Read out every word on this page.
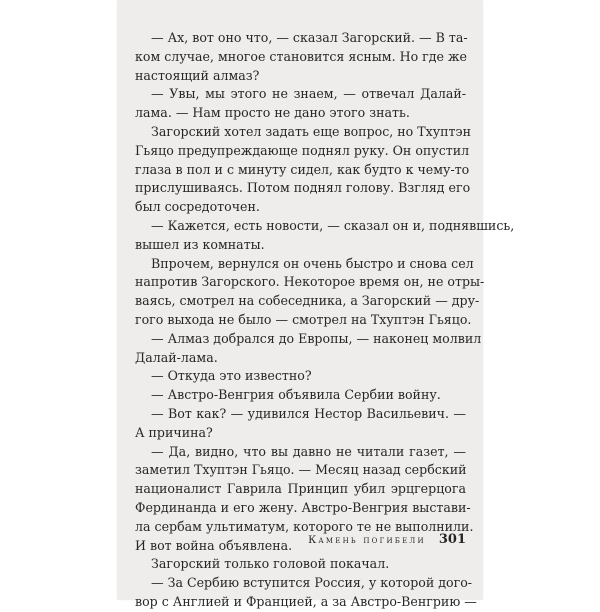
— Ах, вот оно что, — сказал Загорский. — В та-
ком случае, многое становится ясным. Но где же
настоящий алмаз?
— Увы, мы этого не знаем, — отвечал Далай-
лама. — Нам просто не дано этого знать.
Загорский хотел задать еще вопрос, но Тхуптэн
Гьяцо предупреждающе поднял руку. Он опустил
глаза в пол и с минуту сидел, как будто к чему-то
прислушиваясь. Потом поднял голову. Взгляд его
был сосредоточен.
— Кажется, есть новости, — сказал он и, поднявшись,
вышел из комнаты.
Впрочем, вернулся он очень быстро и снова сел
напротив Загорского. Некоторое время он, не отры-
ваясь, смотрел на собеседника, а Загорский — дру-
гого выхода не было — смотрел на Тхуптэн Гьяцо.
— Алмаз добрался до Европы, — наконец молвил
Далай-лама.
— Откуда это известно?
— Австро-Венгрия объявила Сербии войну.
— Вот как? — удивился Нестор Васильевич. —
А причина?
— Да, видно, что вы давно не читали газет, —
заметил Тхуптэн Гьяцо. — Месяц назад сербский
националист Гаврила Принцип убил эрцгерцога
Фердинанда и его жену. Австро-Венгрия выстави-
ла сербам ультиматум, которого те не выполнили.
И вот война объявлена.
Загорский только головой покачал.
— За Сербию вступится Россия, у которой дого-
вор с Англией и Францией, а за Австро-Венгрию —
Камень погибели 301
